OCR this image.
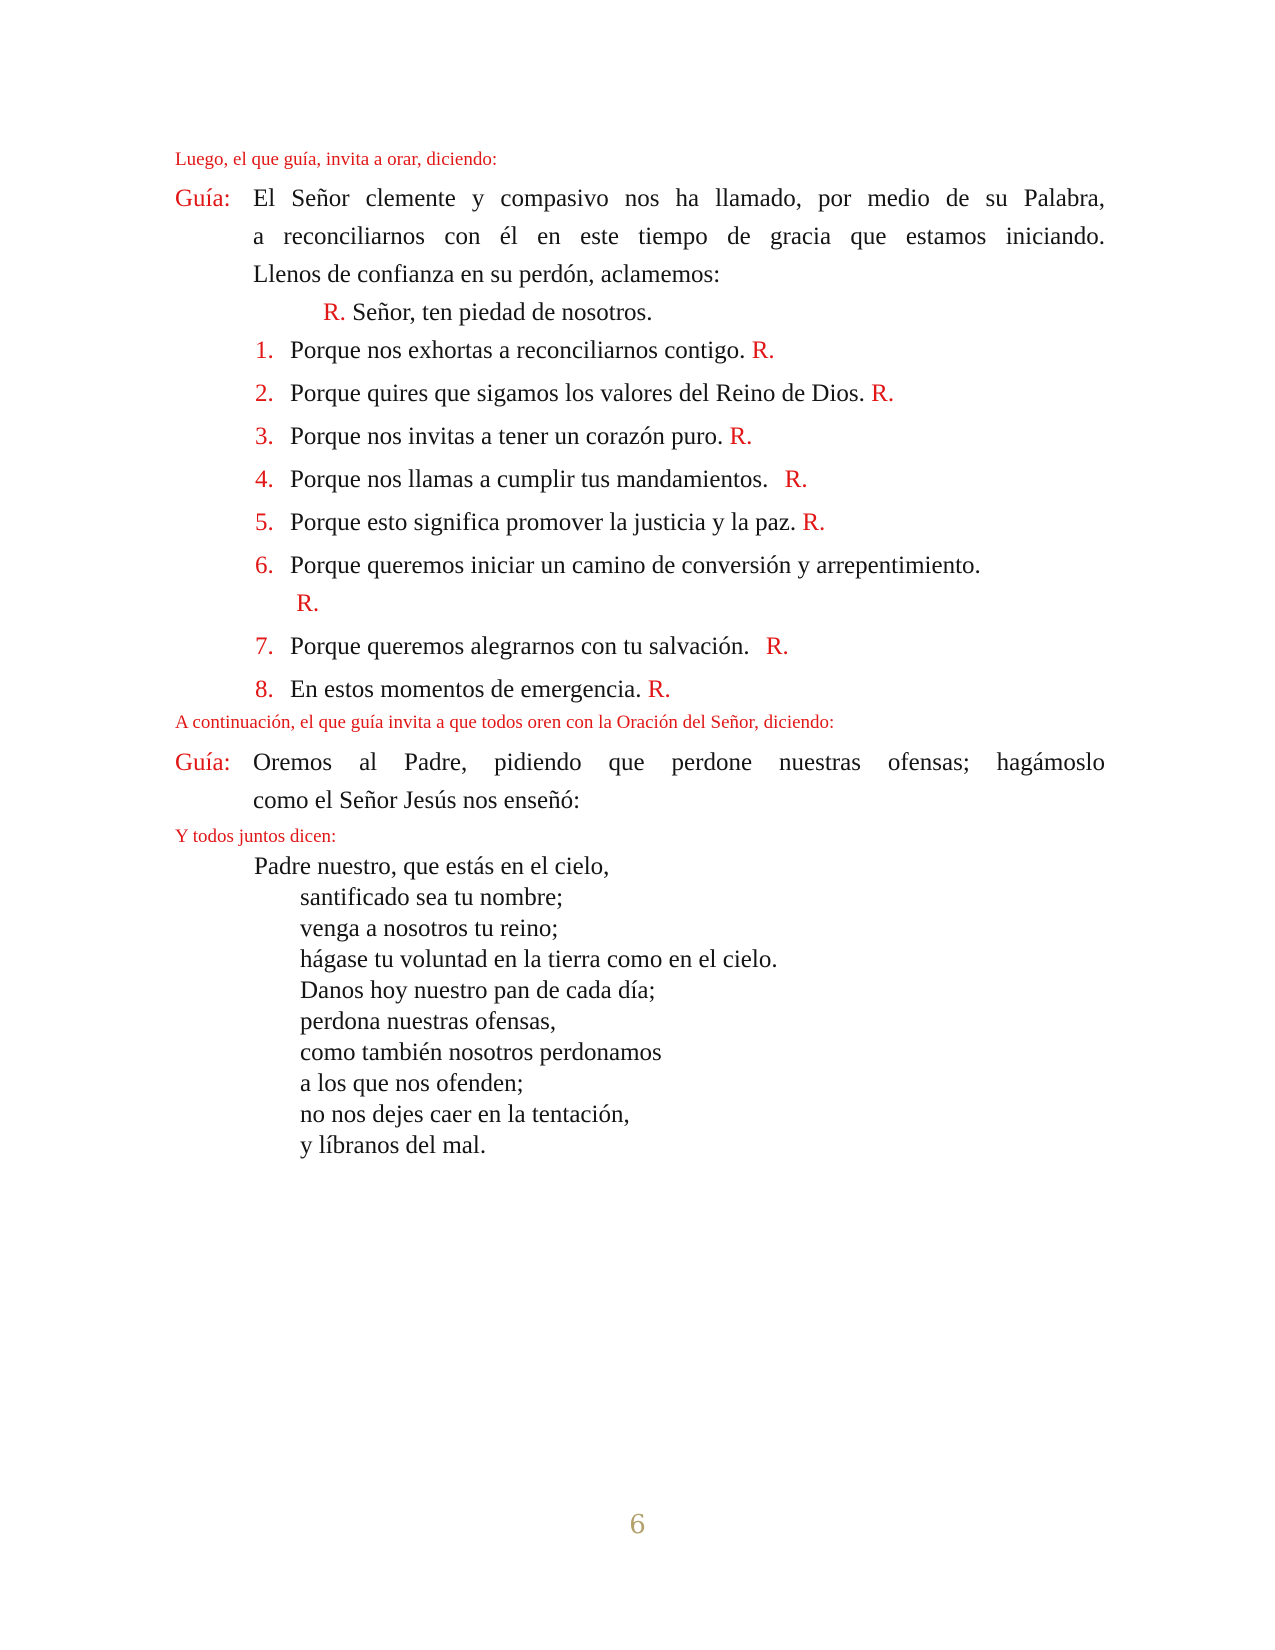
Luego, el que guía, invita a orar, diciendo:
Guía: El Señor clemente y compasivo nos ha llamado, por medio de su Palabra,
a reconciliarnos con él en este tiempo de gracia que estamos iniciando.
Llenos de confianza en su perdón, aclamemos:
R. Señor, ten piedad de nosotros.
1. Porque nos exhortas a reconciliarnos contigo. R.
2. Porque quires que sigamos los valores del Reino de Dios. R.
3. Porque nos invitas a tener un corazón puro. R.
4. Porque nos llamas a cumplir tus mandamientos. R.
5. Porque esto significa promover la justicia y la paz. R.
6. Porque queremos iniciar un camino de conversión y arrepentimiento.
R.
7. Porque queremos alegrarnos con tu salvación. R.
8. En estos momentos de emergencia. R.
A continuación, el que guía invita a que todos oren con la Oración del Señor, diciendo:
Guía: Oremos al Padre, pidiendo que perdone nuestras ofensas; hagámoslo
como el Señor Jesús nos enseñó:
Y todos juntos dicen:
Padre nuestro, que estás en el cielo,
santificado sea tu nombre;
venga a nosotros tu reino;
hágase tu voluntad en la tierra como en el cielo.
Danos hoy nuestro pan de cada día;
perdona nuestras ofensas,
como también nosotros perdonamos
a los que nos ofenden;
no nos dejes caer en la tentación,
y líbranos del mal.
6
